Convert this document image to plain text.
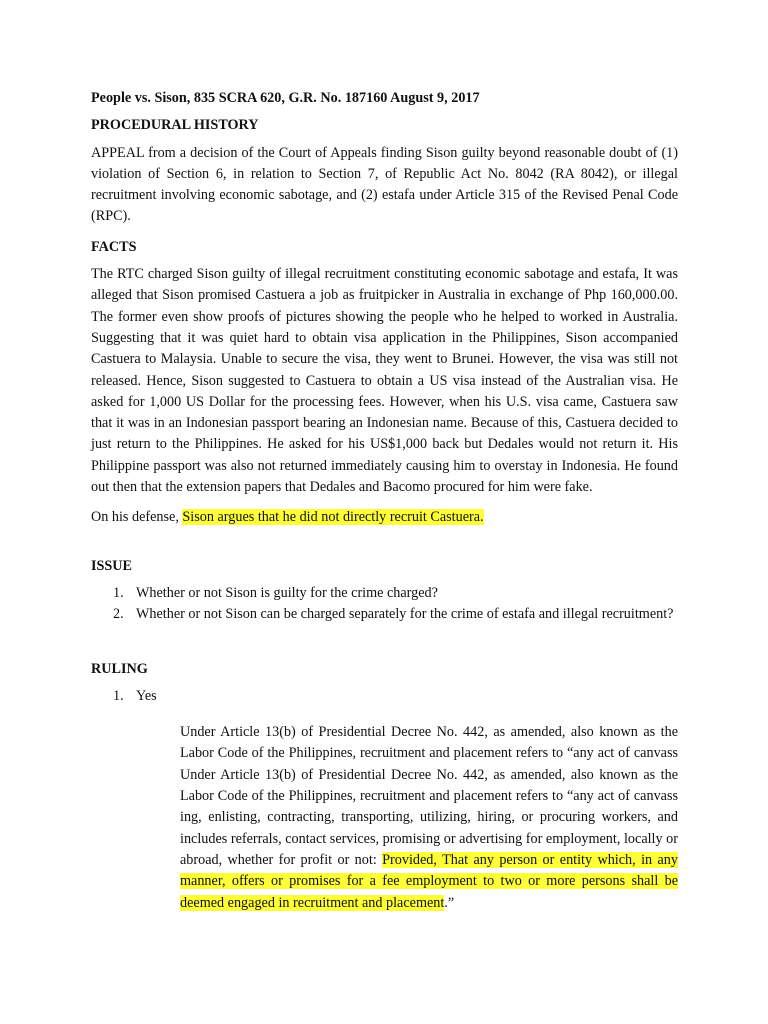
People vs. Sison, 835 SCRA 620, G.R. No. 187160 August 9, 2017
PROCEDURAL HISTORY
APPEAL from a decision of the Court of Appeals finding Sison guilty beyond reasonable doubt of (1) violation of Section 6, in relation to Section 7, of Republic Act No. 8042 (RA 8042), or illegal recruitment involving economic sabotage, and (2) estafa under Article 315 of the Revised Penal Code (RPC).
FACTS
The RTC charged Sison guilty of illegal recruitment constituting economic sabotage and estafa, It was alleged that Sison promised Castuera a job as fruitpicker in Australia in exchange of Php 160,000.00. The former even show proofs of pictures showing the people who he helped to worked in Australia. Suggesting that it was quiet hard to obtain visa application in the Philippines, Sison accompanied Castuera to Malaysia. Unable to secure the visa, they went to Brunei. However, the visa was still not released. Hence, Sison suggested to Castuera to obtain a US visa instead of the Australian visa. He asked for 1,000 US Dollar for the processing fees. However, when his U.S. visa came, Castuera saw that it was in an Indonesian passport bearing an Indonesian name. Because of this, Castuera decided to just return to the Philippines. He asked for his US$1,000 back but Dedales would not return it. His Philippine passport was also not returned immediately causing him to overstay in Indonesia. He found out then that the extension papers that Dedales and Bacomo procured for him were fake.
On his defense, Sison argues that he did not directly recruit Castuera.
ISSUE
1. Whether or not Sison is guilty for the crime charged?
2. Whether or not Sison can be charged separately for the crime of estafa and illegal recruitment?
RULING
1. Yes
Under Article 13(b) of Presidential Decree No. 442, as amended, also known as the Labor Code of the Philippines, recruitment and placement refers to “any act of canvass Under Article 13(b) of Presidential Decree No. 442, as amended, also known as the Labor Code of the Philippines, recruitment and placement refers to “any act of canvass ing, enlisting, contracting, transporting, utilizing, hiring, or procuring workers, and includes referrals, contact services, promising or advertising for employment, locally or abroad, whether for profit or not: Provided, That any person or entity which, in any manner, offers or promises for a fee employment to two or more persons shall be deemed engaged in recruitment and placement.”
